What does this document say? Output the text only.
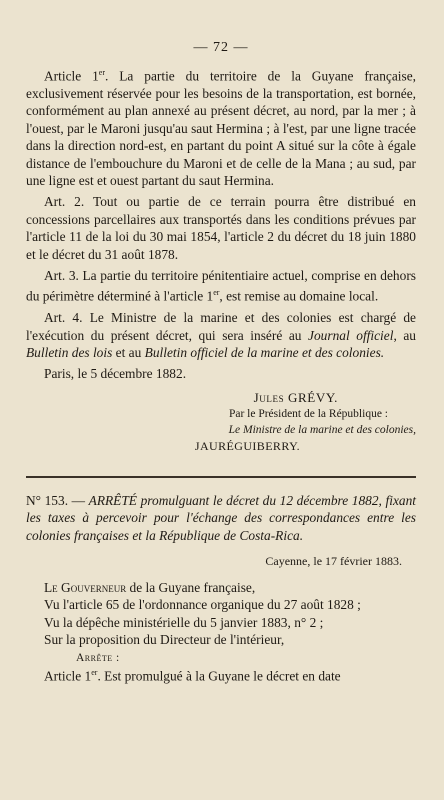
— 72 —

Article 1er. La partie du territoire de la Guyane française, exclusivement réservée pour les besoins de la transportation, est bornée, conformément au plan annexé au présent décret, au nord, par la mer ; à l'ouest, par le Maroni jusqu'au saut Hermina ; à l'est, par une ligne tracée dans la direction nord-est, en partant du point A situé sur la côte à égale distance de l'embouchure du Maroni et de celle de la Mana ; au sud, par une ligne est et ouest partant du saut Hermina.

Art. 2. Tout ou partie de ce terrain pourra être distribué en concessions parcellaires aux transportés dans les conditions prévues par l'article 11 de la loi du 30 mai 1854, l'article 2 du décret du 18 juin 1880 et le décret du 31 août 1878.

Art. 3. La partie du territoire pénitentiaire actuel, comprise en dehors du périmètre déterminé à l'article 1er, est remise au domaine local.

Art. 4. Le Ministre de la marine et des colonies est chargé de l'exécution du présent décret, qui sera inséré au Journal officiel, au Bulletin des lois et au Bulletin officiel de la marine et des colonies.

Paris, le 5 décembre 1882.

Jules GRÉVY.
Par le Président de la République :
Le Ministre de la marine et des colonies,
JAURÉGUIBERRY.

N° 153. — ARRÊTÉ promulguant le décret du 12 décembre 1882, fixant les taxes à percevoir pour l'échange des correspondances entre les colonies françaises et la République de Costa-Rica.

Cayenne, le 17 février 1883.

Le Gouverneur de la Guyane française,

Vu l'article 65 de l'ordonnance organique du 27 août 1828 ;

Vu la dépêche ministérielle du 5 janvier 1883, n° 2 ;

Sur la proposition du Directeur de l'intérieur,

Arrête :

Article 1er. Est promulgué à la Guyane le décret en date
